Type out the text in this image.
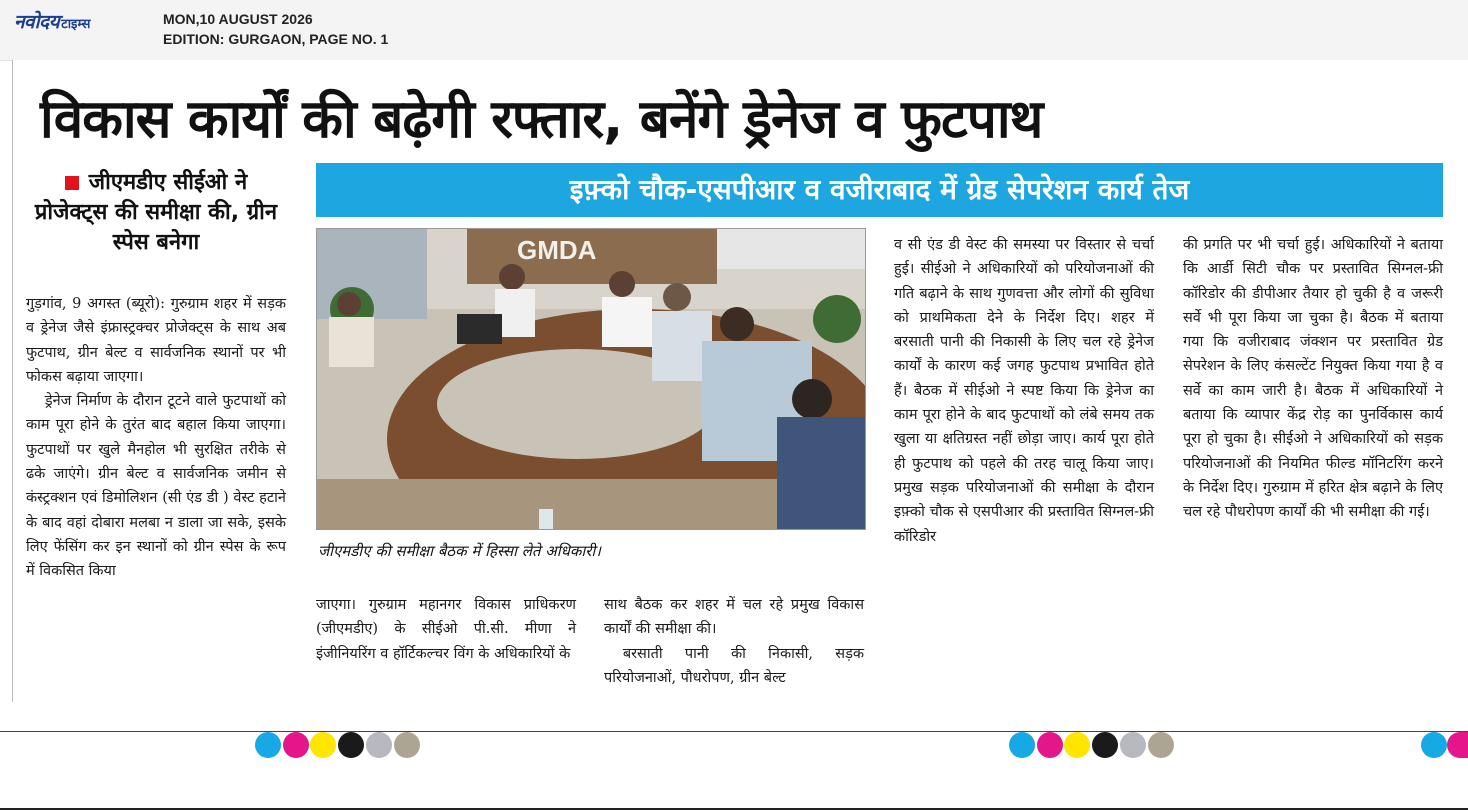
नवोदय टाइम्स	MON,10 AUGUST 2026
EDITION: GURGAON, PAGE NO. 1
विकास कार्यों की बढ़ेगी रफ्तार, बनेंगे ड्रेनेज व फुटपाथ
जीएमडीए सीईओ ने प्रोजेक्ट्स की समीक्षा की, ग्रीन स्पेस बनेगा
इफ़्को चौक-एसपीआर व वजीराबाद में ग्रेड सेपरेशन कार्य तेज

गुड़गांव, 9 अगस्त (ब्यूरो): गुरुग्राम शहर में सड़क व ड्रेनेज जैसे इंफ्रास्ट्रक्चर प्रोजेक्ट्स के साथ अब फुटपाथ, ग्रीन बेल्ट व सार्वजनिक स्थानों पर भी फोकस बढ़ाया जाएगा।

ड्रेनेज निर्माण के दौरान टूटने वाले फुटपाथों को काम पूरा होने के तुरंत बाद बहाल किया जाएगा। फुटपाथों पर खुले मैनहोल भी सुरक्षित तरीके से ढके जाएंगे। ग्रीन बेल्ट व सार्वजनिक जमीन से कंस्ट्रक्शन एवं डिमोलिशन (सी एंड डी ) वेस्ट हटाने के बाद वहां दोबारा मलबा न डाला जा सके, इसके लिए फेंसिंग कर इन स्थानों को ग्रीन स्पेस के रूप में विकसित किया

GMDA
जीएमडीए की समीक्षा बैठक में हिस्सा लेते अधिकारी।

जाएगा। गुरुग्राम महानगर विकास प्राधिकरण (जीएमडीए) के सीईओ पी.सी. मीणा ने इंजीनियरिंग व हॉर्टिकल्चर विंग के अधिकारियों के

साथ बैठक कर शहर में चल रहे प्रमुख विकास कार्यों की समीक्षा की।

बरसाती पानी की निकासी, सड़क परियोजनाओं, पौधरोपण, ग्रीन बेल्ट

व सी एंड डी वेस्ट की समस्या पर विस्तार से चर्चा हुई। सीईओ ने अधिकारियों को परियोजनाओं की गति बढ़ाने के साथ गुणवत्ता और लोगों की सुविधा को प्राथमिकता देने के निर्देश दिए। शहर में बरसाती पानी की निकासी के लिए चल रहे ड्रेनेज कार्यों के कारण कई जगह फुटपाथ प्रभावित होते हैं। बैठक में सीईओ ने स्पष्ट किया कि ड्रेनेज का काम पूरा होने के बाद फुटपाथों को लंबे समय तक खुला या क्षतिग्रस्त नहीं छोड़ा जाए। कार्य पूरा होते ही फुटपाथ को पहले की तरह चालू किया जाए। प्रमुख सड़क परियोजनाओं की समीक्षा के दौरान इफ़्को चौक से एसपीआर की प्रस्तावित सिग्नल-फ्री कॉरिडोर

की प्रगति पर भी चर्चा हुई। अधिकारियों ने बताया कि आर्डी सिटी चौक पर प्रस्तावित सिग्नल-फ्री कॉरिडोर की डीपीआर तैयार हो चुकी है व जरूरी सर्वे भी पूरा किया जा चुका है। बैठक में बताया गया कि वजीराबाद जंक्शन पर प्रस्तावित ग्रेड सेपरेशन के लिए कंसल्टेंट नियुक्त किया गया है व सर्वे का काम जारी है। बैठक में अधिकारियों ने बताया कि व्यापार केंद्र रोड़ का पुनर्विकास कार्य पूरा हो चुका है। सीईओ ने अधिकारियों को सड़क परियोजनाओं की नियमित फील्ड मॉनिटरिंग करने के निर्देश दिए। गुरुग्राम में हरित क्षेत्र बढ़ाने के लिए चल रहे पौधरोपण कार्यों की भी समीक्षा की गई।
